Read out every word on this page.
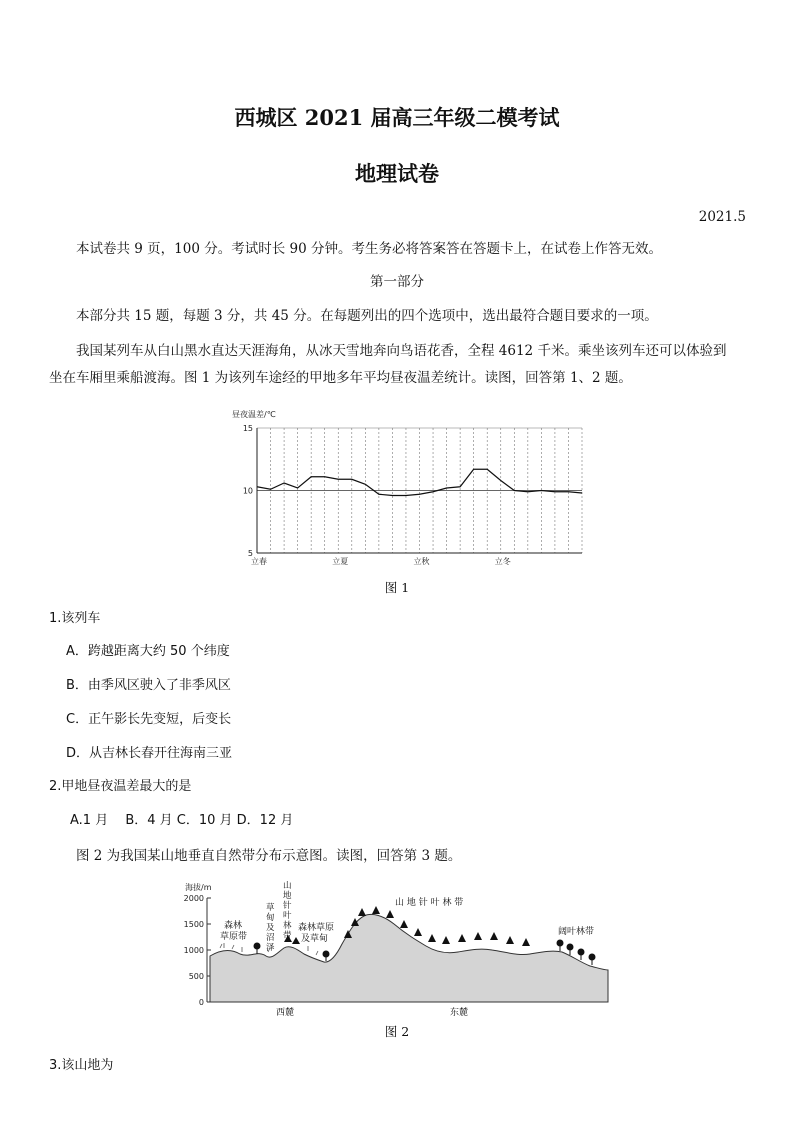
西城区 2021 届高三年级二模考试
地理试卷
2021.5
本试卷共 9 页，100 分。考试时长 90 分钟。考生务必将答案答在答题卡上，在试卷上作答无效。
第一部分
本部分共 15 题，每题 3 分，共 45 分。在每题列出的四个选项中，选出最符合题目要求的一项。
我国某列车从白山黑水直达天涯海角，从冰天雪地奔向鸟语花香，全程 4612 千米。乘坐该列车还可以体验到
坐在车厢里乘船渡海。图 1 为该列车途经的甲地多年平均昼夜温差统计。读图，回答第 1、2 题。
5
10
15
立春	立夏	立秋	立冬
昼夜温差/℃
图 1
1.该列车
A．跨越距离大约 50 个纬度
B．由季风区驶入了非季风区
C．正午影长先变短，后变长
D．从吉林长春开往海南三亚
2.甲地昼夜温差最大的是
A.1 月　 B．4 月 C．10 月 D．12 月
图 2 为我国某山地垂直自然带分布示意图。读图，回答第 3 题。
海拔/m
0
500
1000
1500
2000
森林
草原带
草
甸
及
沼
泽
山
地
针
叶
林
带
森林草原
及草甸
山 地 针 叶 林 带
阔叶林带
西麓	东麓
图 2
3.该山地为
